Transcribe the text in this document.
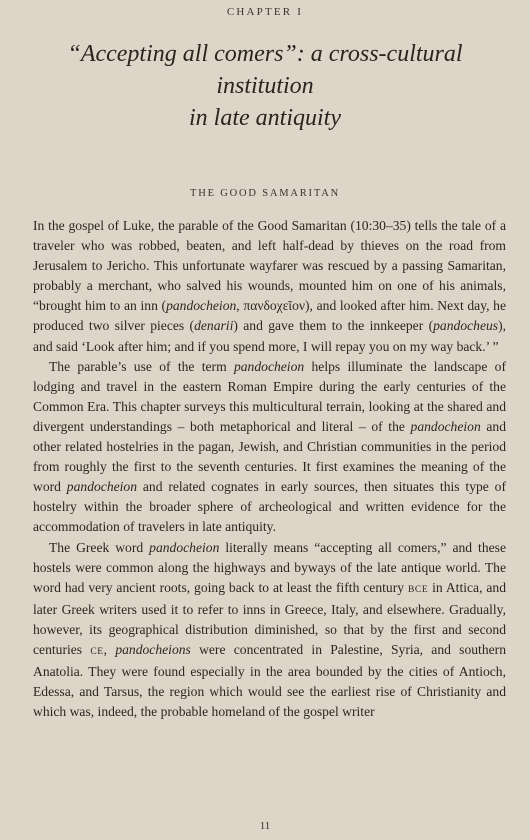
CHAPTER I
“Accepting all comers”: a cross-cultural institution
in late antiquity
THE GOOD SAMARITAN

In the gospel of Luke, the parable of the Good Samaritan (10:30–35) tells the tale of a traveler who was robbed, beaten, and left half-dead by thieves on the road from Jerusalem to Jericho. This unfortunate wayfarer was rescued by a passing Samaritan, probably a merchant, who salved his wounds, mounted him on one of his animals, “brought him to an inn (pandocheion, πανδοχεῖον), and looked after him. Next day, he produced two silver pieces (denarii) and gave them to the innkeeper (pandocheus), and said ‘Look after him; and if you spend more, I will repay you on my way back.’ ”

The parable’s use of the term pandocheion helps illuminate the landscape of lodging and travel in the eastern Roman Empire during the early centuries of the Common Era. This chapter surveys this multicultural terrain, looking at the shared and divergent understandings – both metaphorical and literal – of the pandocheion and other related hostelries in the pagan, Jewish, and Christian communities in the period from roughly the first to the seventh centuries. It first examines the meaning of the word pandocheion and related cognates in early sources, then situates this type of hostelry within the broader sphere of archeological and written evidence for the accommodation of travelers in late antiquity.

The Greek word pandocheion literally means “accepting all comers,” and these hostels were common along the highways and byways of the late antique world. The word had very ancient roots, going back to at least the fifth century BCE in Attica, and later Greek writers used it to refer to inns in Greece, Italy, and elsewhere. Gradually, however, its geographical distribution diminished, so that by the first and second centuries CE, pandocheions were concentrated in Palestine, Syria, and southern Anatolia. They were found especially in the area bounded by the cities of Antioch, Edessa, and Tarsus, the region which would see the earliest rise of Christianity and which was, indeed, the probable homeland of the gospel writer

11
